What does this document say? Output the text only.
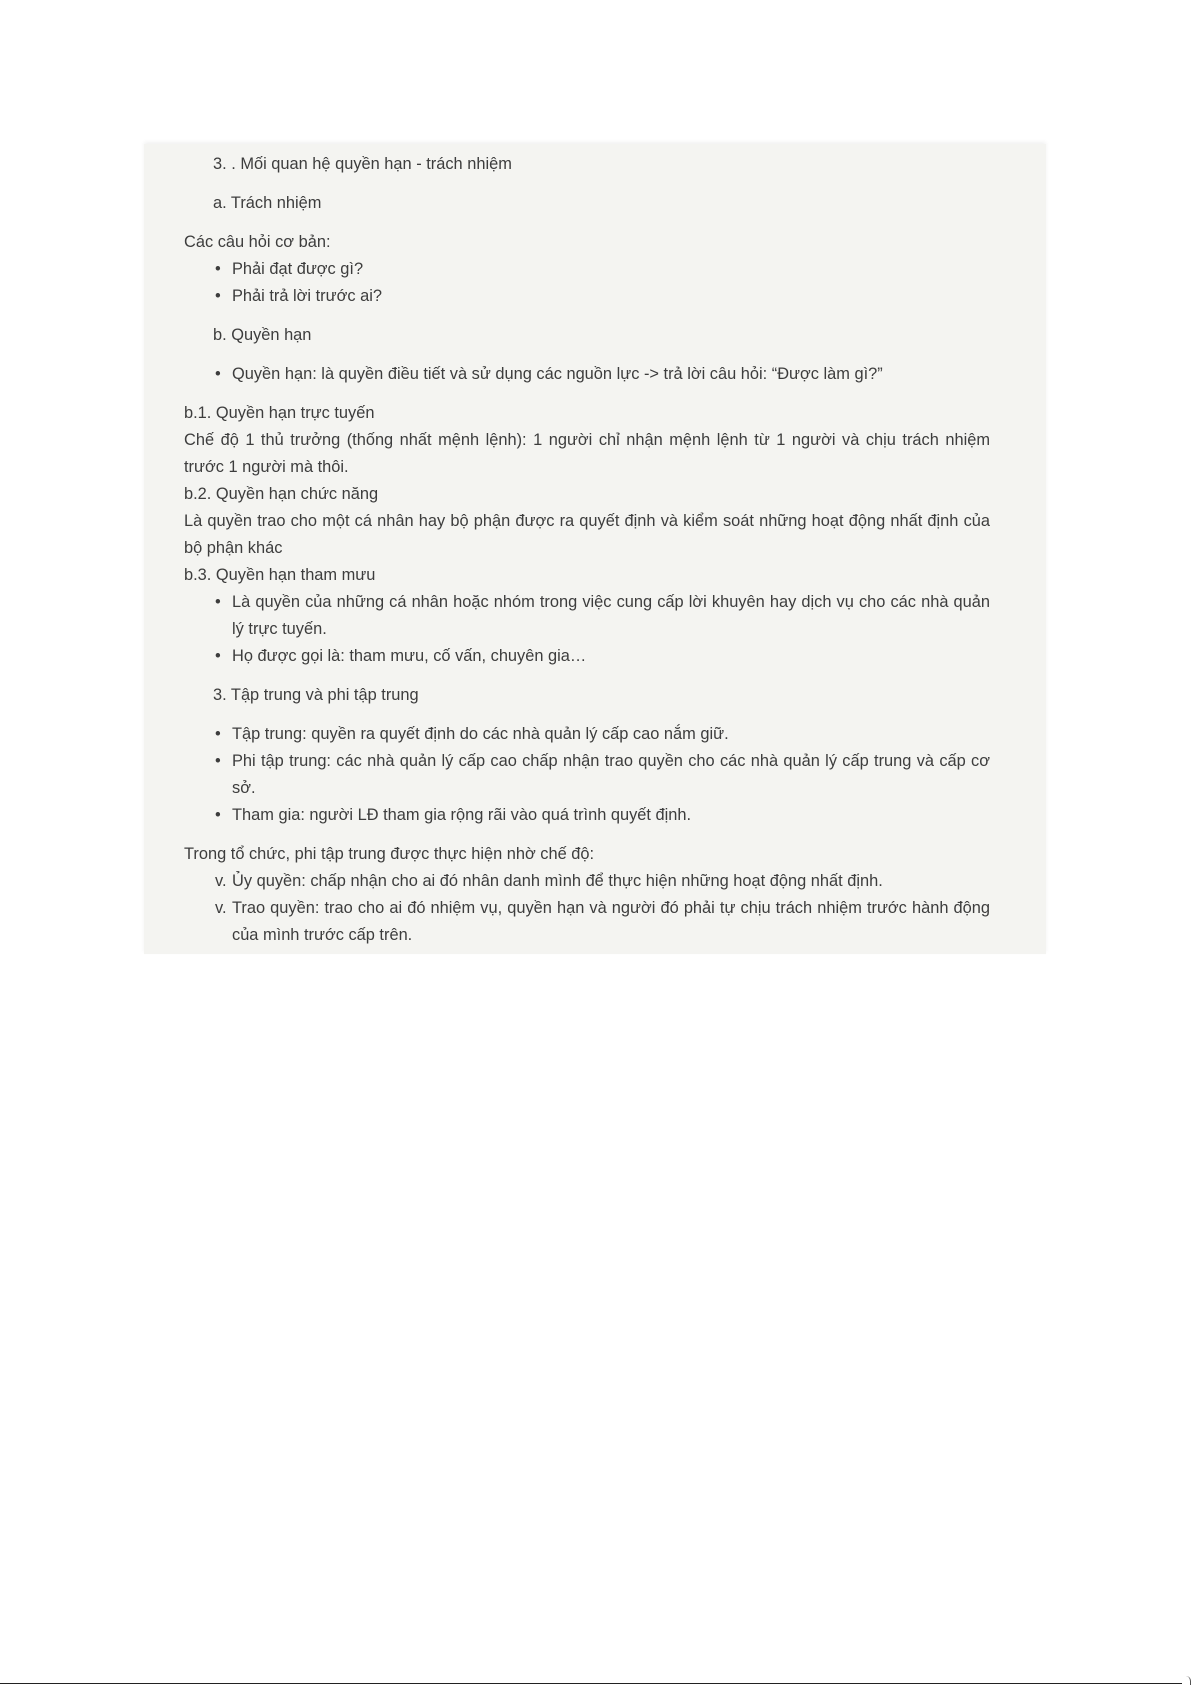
3. . Mối quan hệ quyền hạn - trách nhiệm
a. Trách nhiệm
Các câu hỏi cơ bản:
• Phải đạt được gì?
• Phải trả lời trước ai?
b. Quyền hạn
• Quyền hạn: là quyền điều tiết và sử dụng các nguồn lực -> trả lời câu hỏi: “Được làm gì?”
b.1. Quyền hạn trực tuyến
Chế độ 1 thủ trưởng (thống nhất mệnh lệnh): 1 người chỉ nhận mệnh lệnh từ 1 người và chịu trách nhiệm trước 1 người mà thôi.
b.2. Quyền hạn chức năng
Là quyền trao cho một cá nhân hay bộ phận được ra quyết định và kiểm soát những hoạt động nhất định của bộ phận khác
b.3. Quyền hạn tham mưu
• Là quyền của những cá nhân hoặc nhóm trong việc cung cấp lời khuyên hay dịch vụ cho các nhà quản lý trực tuyến.
• Họ được gọi là: tham mưu, cố vấn, chuyên gia…
3. Tập trung và phi tập trung
• Tập trung: quyền ra quyết định do các nhà quản lý cấp cao nắm giữ.
• Phi tập trung: các nhà quản lý cấp cao chấp nhận trao quyền cho các nhà quản lý cấp trung và cấp cơ sở.
• Tham gia: người LĐ tham gia rộng rãi vào quá trình quyết định.
Trong tổ chức, phi tập trung được thực hiện nhờ chế độ:
v. Ủy quyền: chấp nhận cho ai đó nhân danh mình để thực hiện những hoạt động nhất định.
v. Trao quyền: trao cho ai đó nhiệm vụ, quyền hạn và người đó phải tự chịu trách nhiệm trước hành động của mình trước cấp trên.
